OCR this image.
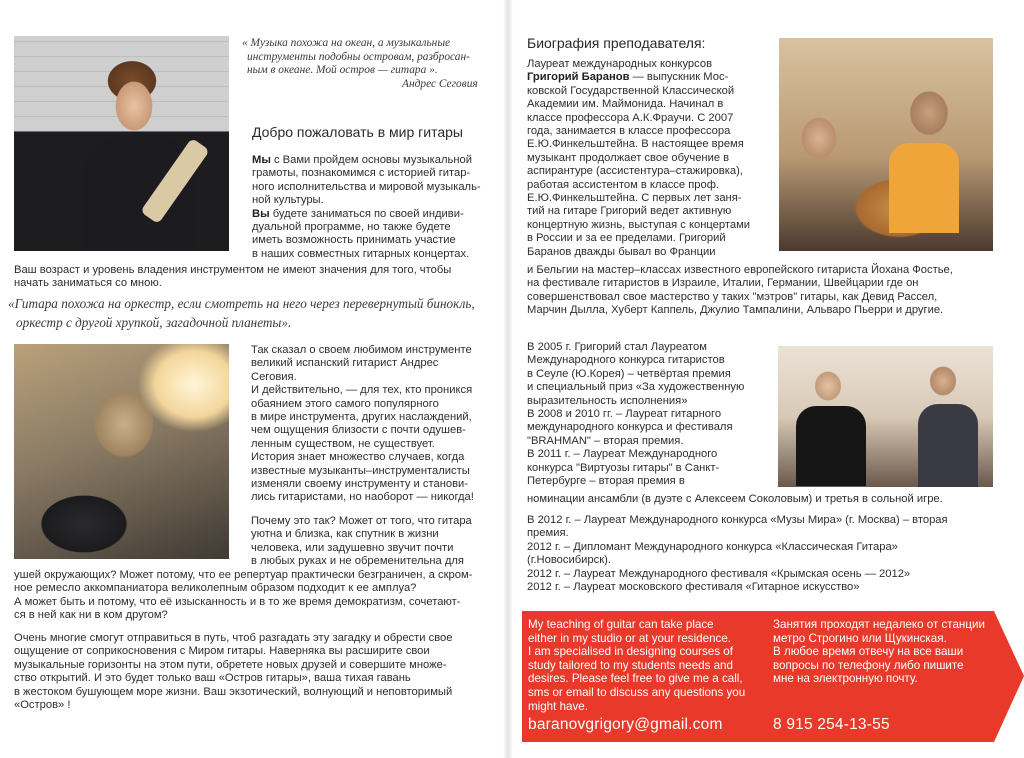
« Музыка похожа на океан, а музыкальные
инструменты подобны островам, разбросан-
ным в океане. Мой остров — гитара ».
Андрес Сеговия
Добро пожаловать в мир гитары

Мы с Вами пройдем основы музыкальной

грамоты, познакомимся с историей гитар-

ного исполнительства и мировой музыкаль-

ной культуры.

Вы будете заниматься по своей индиви-

дуальной программе, но также будете

иметь возможность принимать участие

в наших совместных гитарных концертах.

Ваш возраст и уровень владения инструментом не имеют значения для того, чтобы

начать заниматься со мною.

«Гитара похожа на оркестр, если смотреть на него через перевернутый бинокль,
оркестр с другой хрупкой, загадочной планеты».

Так сказал о своем любимом инструменте

великий испанский гитарист Андрес

Сеговия.

И действительно, — для тех, кто проникся

обаянием этого самого популярного

в мире инструмента, других наслаждений,

чем ощущения близости с почти одушев-

ленным существом, не существует.

История знает множество случаев, когда

известные музыканты–инструменталисты

изменяли своему инструменту и станови-

лись гитаристами, но наоборот — никогда!

Почему это так? Может от того, что гитара

уютна и близка, как спутник в жизни

человека, или задушевно звучит почти

в любых руках и не обременительна для

ушей окружающих? Может потому, что ее репертуар практически безграничен, а скром-

ное ремесло аккомпаниатора великолепным образом подходит к ее амплуа?

А может быть и потому, что её изысканность и в то же время демократизм, сочетают-

ся в ней как ни в ком другом?

Очень многие смогут отправиться в путь, чтоб разгадать эту загадку и обрести свое

ощущение от соприкосновения с Миром гитары. Наверняка вы расширите свои

музыкальные горизонты на этом пути, обретете новых друзей и совершите множе-

ство открытий. И это будет только ваш «Остров гитары», ваша тихая гавань

в жестоком бушующем море жизни. Ваш экзотический, волнующий и неповторимый

«Остров» !

Биография преподавателя:

Лауреат международных конкурсов

Григорий Баранов — выпускник Мос-

ковской Государственной Классической

Академии им. Маймонида. Начинал в

классе профессора А.К.Фраучи. С 2007

года, занимается в классе профессора

Е.Ю.Финкельштейна. В настоящее время

музыкант продолжает свое обучение в

аспирантуре (ассистентура–стажировка),

работая ассистентом в классе проф.

Е.Ю.Финкельштейна. С первых лет заня-

тий на гитаре Григорий ведет активную

концертную жизнь, выступая с концертами

в России и за ее пределами. Григорий

Баранов дважды бывал во Франции

и Бельгии на мастер–классах известного европейского гитариста Йохана Фостье,

на фестивале гитаристов в Израиле, Италии, Германии, Швейцарии где он

совершенствовал свое мастерство у таких "мэтров" гитары, как Девид Рассел,

Марчин Дылла, Хуберт Каппель, Джулио Тампалини, Альваро Пьерри и другие.

В 2005 г. Григорий стал Лауреатом

Международного конкурса гитаристов

в Сеуле (Ю.Корея) – четвёртая премия

и специальный приз «За художественную

выразительность исполнения»

В 2008 и 2010 гг. – Лауреат гитарного

международного конкурса и фестиваля

"BRAHMAN" – вторая премия.

В 2011 г. – Лауреат Международного

конкурса "Виртуозы гитары" в Санкт-

Петербурге – вторая премия в

номинации ансамбли (в дуэте с Алексеем Соколовым) и третья в сольной игре.

В 2012 г. – Лауреат Международного конкурса «Музы Мира» (г. Москва) – вторая

премия.

2012 г. – Дипломант Международного конкурса «Классическая Гитара»

(г.Новосибирск).

2012 г. – Лауреат Международного фестиваля «Крымская осень — 2012»

2012 г. – Лауреат московского фестиваля «Гитарное искусство»

My teaching of guitar can take place
either in my studio or at your residence.
I am specialised in designing courses of
study tailored to my students needs and
desires. Please feel free to give me a call,
sms or email to discuss any questions you
might have.
Занятия проходят недалеко от станции
метро Строгино или Щукинская.
В любое время отвечу на все ваши
вопросы по телефону либо пишите
мне на электронную почту.
baranovgrigory@gmail.com	8 915 254-13-55
